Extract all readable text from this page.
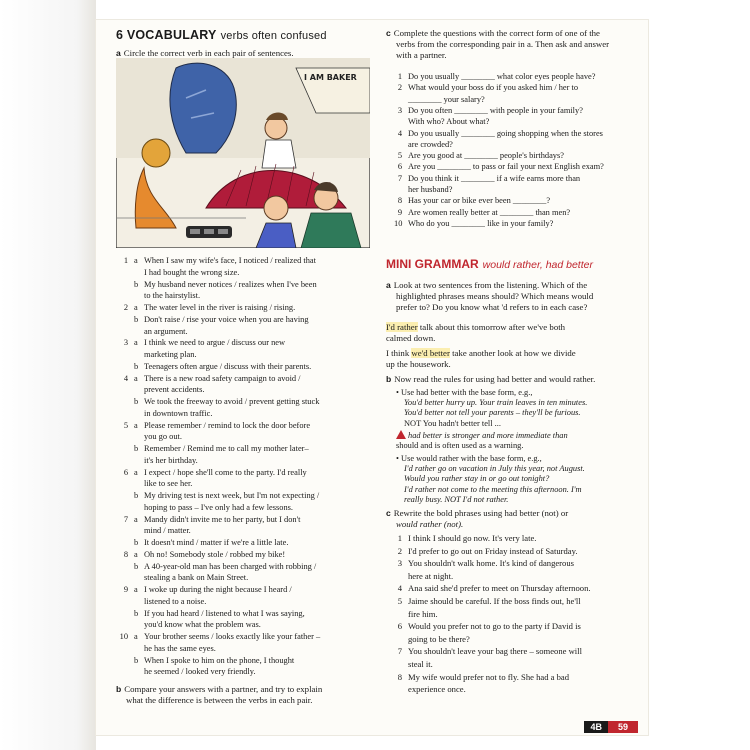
6 VOCABULARY verbs often confused
a Circle the correct verb in each pair of sentences.
I AM BAKER
1 a When I saw my wife's face, I noticed / realized that
I had bought the wrong size.
b My husband never notices / realizes when I've been
to the hairstylist.
2 a The water level in the river is raising / rising.
b Don't raise / rise your voice when you are having
an argument.
3 a I think we need to argue / discuss our new
marketing plan.
b Teenagers often argue / discuss with their parents.
4 a There is a new road safety campaign to avoid /
prevent accidents.
b We took the freeway to avoid / prevent getting stuck
in downtown traffic.
5 a Please remember / remind to lock the door before
you go out.
b Remember / Remind me to call my mother later–
it's her birthday.
6 a I expect / hope she'll come to the party. I'd really
like to see her.
b My driving test is next week, but I'm not expecting /
hoping to pass – I've only had a few lessons.
7 a Mandy didn't invite me to her party, but I don't
mind / matter.
b It doesn't mind / matter if we're a little late.
8 a Oh no! Somebody stole / robbed my bike!
b A 40-year-old man has been charged with robbing /
stealing a bank on Main Street.
9 a I woke up during the night because I heard /
listened to a noise.
b If you had heard / listened to what I was saying,
you'd know what the problem was.
10 a Your brother seems / looks exactly like your father –
he has the same eyes.
b When I spoke to him on the phone, I thought
he seemed / looked very friendly.
b Compare your answers with a partner, and try to explain
what the difference is between the verbs in each pair.
c Complete the questions with the correct form of one of the
verbs from the corresponding pair in a. Then ask and answer
with a partner.
1 Do you usually ________ what color eyes people have?
2 What would your boss do if you asked him / her to
________ your salary?
3 Do you often ________ with people in your family?
With who? About what?
4 Do you usually ________ going shopping when the stores
are crowded?
5 Are you good at ________ people's birthdays?
6 Are you ________ to pass or fail your next English exam?
7 Do you think it ________ if a wife earns more than
her husband?
8 Has your car or bike ever been ________?
9 Are women really better at ________ than men?
10 Who do you ________ like in your family?
MINI GRAMMAR would rather, had better
a Look at two sentences from the listening. Which of the
highlighted phrases means should? Which means would
prefer to? Do you know what 'd refers to in each case?
I'd rather talk about this tomorrow after we've both
calmed down.
I think we'd better take another look at how we divide
up the housework.
b Now read the rules for using had better and would rather.
• Use had better with the base form, e.g.,
You'd better hurry up. Your train leaves in ten minutes.
You'd better not tell your parents – they'll be furious.
NOT You hadn't better tell ...
had better is stronger and more immediate than
should and is often used as a warning.
• Use would rather with the base form, e.g.,
I'd rather go on vacation in July this year, not August.
Would you rather stay in or go out tonight?
I'd rather not come to the meeting this afternoon. I'm
really busy. NOT I'd not rather.
c Rewrite the bold phrases using had better (not) or
would rather (not).
1 I think I should go now. It's very late.
2 I'd prefer to go out on Friday instead of Saturday.
3 You shouldn't walk home. It's kind of dangerous
here at night.
4 Ana said she'd prefer to meet on Thursday afternoon.
5 Jaime should be careful. If the boss finds out, he'll
fire him.
6 Would you prefer not to go to the party if David is
going to be there?
7 You shouldn't leave your bag there – someone will
steal it.
8 My wife would prefer not to fly. She had a bad
experience once.
4B 59
